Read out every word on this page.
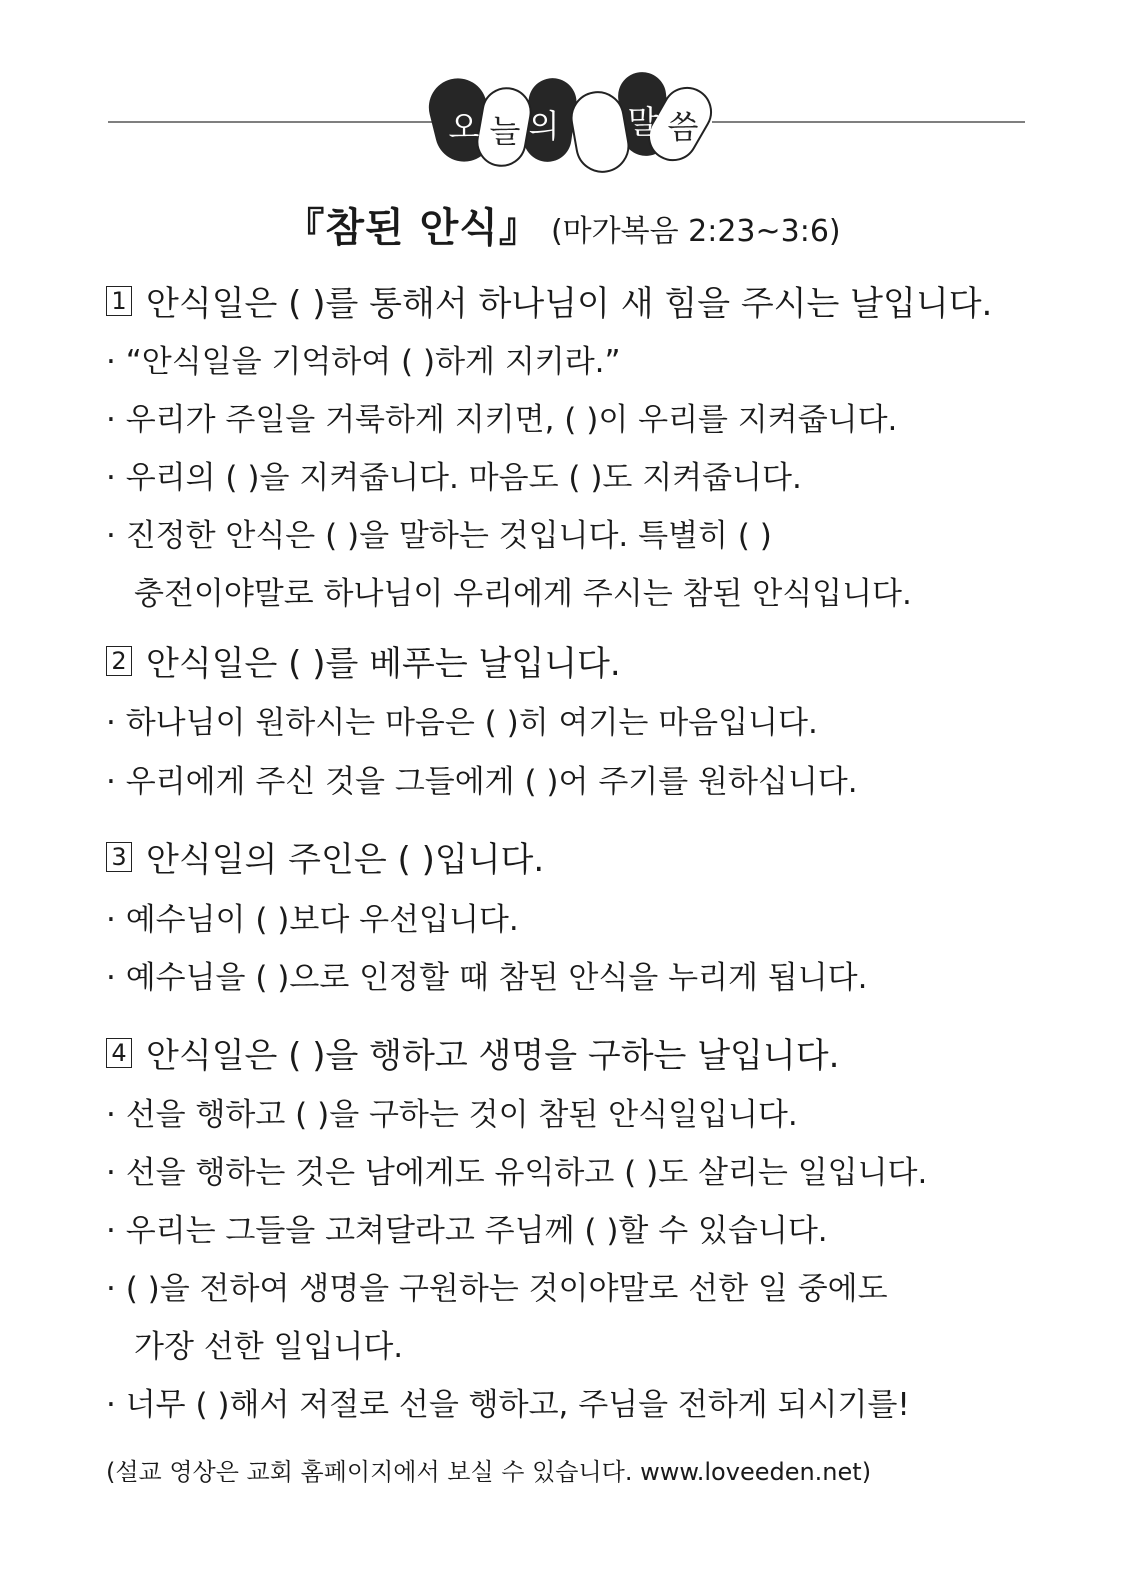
오 늘 의 말 씀
『참된 안식』 (마가복음 2:23~3:6)
1 안식일은 ( )를 통해서 하나님이 새 힘을 주시는 날입니다.
· “안식일을 기억하여 ( )하게 지키라.”
· 우리가 주일을 거룩하게 지키면, ( )이 우리를 지켜줍니다.
· 우리의 ( )을 지켜줍니다. 마음도 ( )도 지켜줍니다.
· 진정한 안식은 ( )을 말하는 것입니다. 특별히 ( )
충전이야말로 하나님이 우리에게 주시는 참된 안식입니다.
2 안식일은 ( )를 베푸는 날입니다.
· 하나님이 원하시는 마음은 ( )히 여기는 마음입니다.
· 우리에게 주신 것을 그들에게 ( )어 주기를 원하십니다.
3 안식일의 주인은 ( )입니다.
· 예수님이 ( )보다 우선입니다.
· 예수님을 ( )으로 인정할 때 참된 안식을 누리게 됩니다.
4 안식일은 ( )을 행하고 생명을 구하는 날입니다.
· 선을 행하고 ( )을 구하는 것이 참된 안식일입니다.
· 선을 행하는 것은 남에게도 유익하고 ( )도 살리는 일입니다.
· 우리는 그들을 고쳐달라고 주님께 ( )할 수 있습니다.
· ( )을 전하여 생명을 구원하는 것이야말로 선한 일 중에도
가장 선한 일입니다.
· 너무 ( )해서 저절로 선을 행하고, 주님을 전하게 되시기를!
(설교 영상은 교회 홈페이지에서 보실 수 있습니다. www.loveeden.net)
